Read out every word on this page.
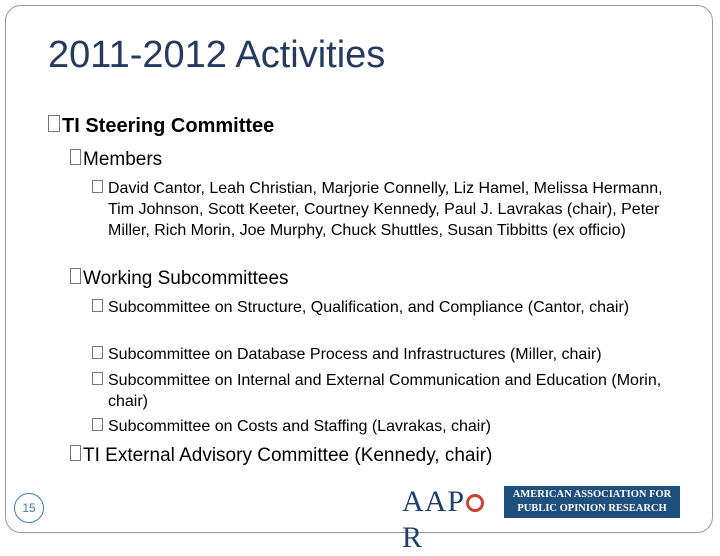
2011-2012 Activities
TI Steering Committee
Members
David Cantor, Leah Christian, Marjorie Connelly, Liz Hamel, Melissa Hermann, Tim Johnson, Scott Keeter, Courtney Kennedy, Paul J. Lavrakas (chair), Peter Miller, Rich Morin, Joe Murphy, Chuck Shuttles, Susan Tibbitts (ex officio)
Working Subcommittees
Subcommittee on Structure, Qualification, and Compliance (Cantor, chair)
Subcommittee on Database Process and Infrastructures (Miller, chair)
Subcommittee on Internal and External Communication and Education (Morin, chair)
Subcommittee on Costs and Staffing (Lavrakas, chair)
TI External Advisory Committee (Kennedy, chair)
15	AAPR
AMERICAN ASSOCIATION FOR
PUBLIC OPINION RESEARCH
